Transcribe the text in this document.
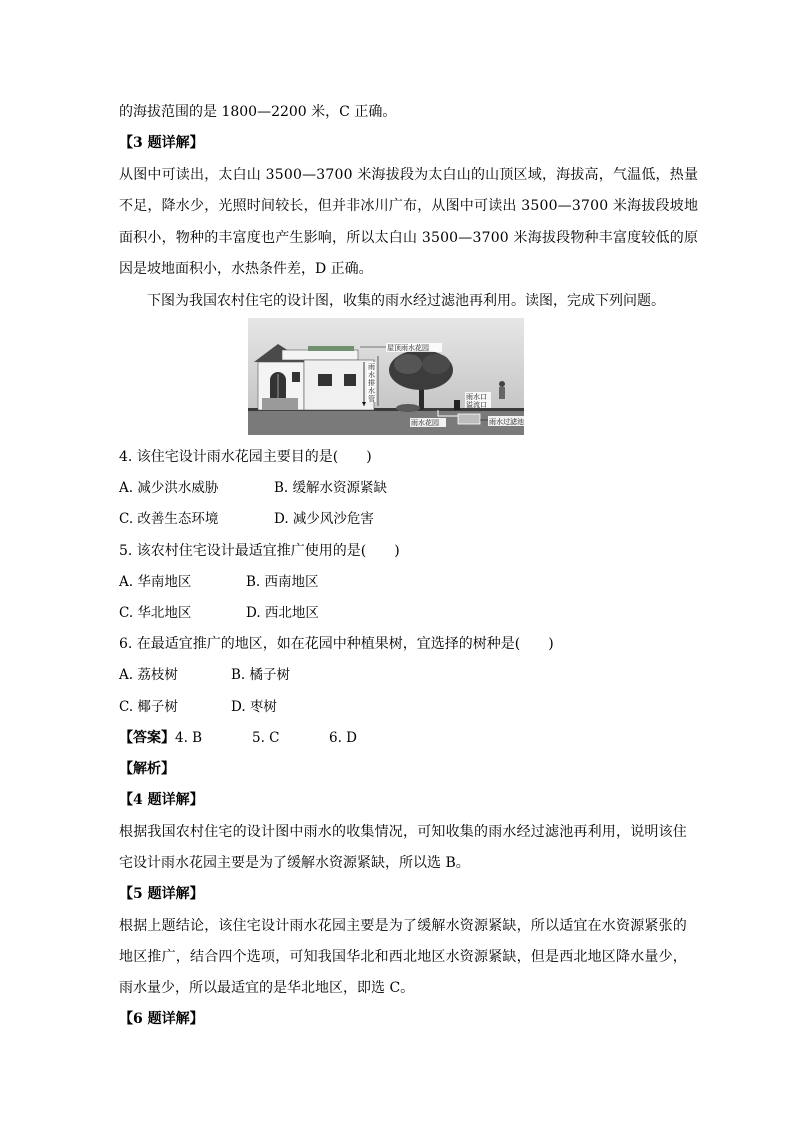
的海拔范围的是 1800—2200 米，C 正确。
【3 题详解】
从图中可读出，太白山 3500—3700 米海拔段为太白山的山顶区域，海拔高，气温低，热量
不足，降水少，光照时间较长，但并非冰川广布，从图中可读出 3500—3700 米海拔段坡地
面积小，物种的丰富度也产生影响，所以太白山 3500—3700 米海拔段物种丰富度较低的原
因是坡地面积小，水热条件差，D 正确。
下图为我国农村住宅的设计图，收集的雨水经过滤池再利用。读图，完成下列问题。
屋顶雨水花园
雨
水
排
水
管	雨水口
溢流口
雨水花园	雨水过滤池
4. 该住宅设计雨水花园主要目的是(　　)
A. 减少洪水威胁	B. 缓解水资源紧缺
C. 改善生态环境	D. 减少风沙危害
5. 该农村住宅设计最适宜推广使用的是(　　)
A. 华南地区	B. 西南地区
C. 华北地区	D. 西北地区
6. 在最适宜推广的地区，如在花园中种植果树，宜选择的树种是(　　)
A. 荔枝树	B. 橘子树
C. 椰子树	D. 枣树
【答案】 4. B	5. C	6. D
【解析】
【4 题详解】
根据我国农村住宅的设计图中雨水的收集情况，可知收集的雨水经过滤池再利用，说明该住
宅设计雨水花园主要是为了缓解水资源紧缺，所以选 B。
【5 题详解】
根据上题结论，该住宅设计雨水花园主要是为了缓解水资源紧缺，所以适宜在水资源紧张的
地区推广，结合四个选项，可知我国华北和西北地区水资源紧缺，但是西北地区降水量少，
雨水量少，所以最适宜的是华北地区，即选 C。
【6 题详解】
